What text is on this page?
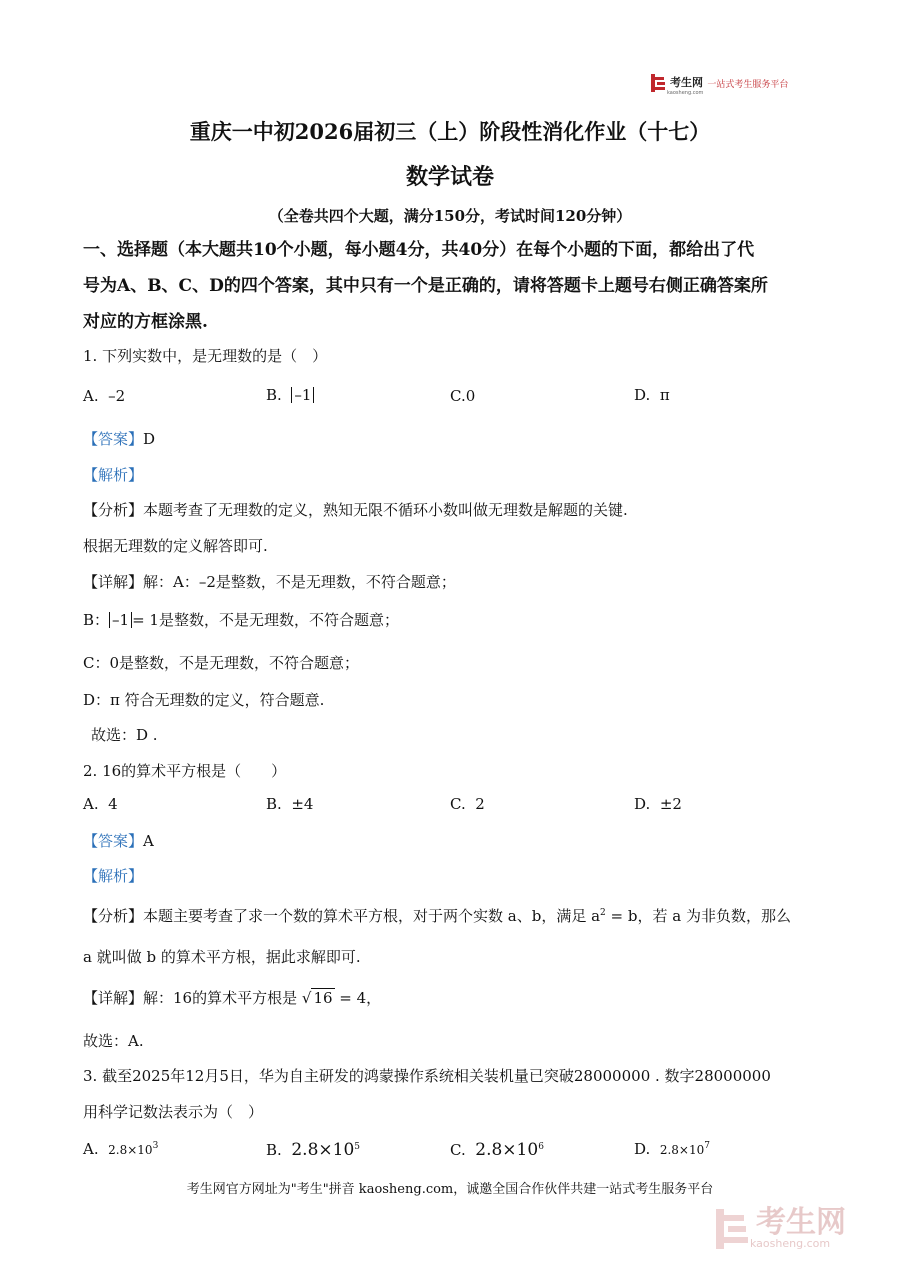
考生网
kaosheng.com
一站式考生服务平台
重庆一中初2026届初三（上）阶段性消化作业（十七）
数学试卷
（全卷共四个大题，满分150分，考试时间120分钟）
一、选择题（本大题共10个小题，每小题4分，共40分）在每个小题的下面，都给出了代
号为A、B、C、D的四个答案，其中只有一个是正确的，请将答题卡上题号右侧正确答案所
对应的方框涂黑.
1. 下列实数中，是无理数的是（　）
A. –2	B. –1	C.0	D. π
【答案】D
【解析】
【分析】本题考查了无理数的定义，熟知无限不循环小数叫做无理数是解题的关键.
根据无理数的定义解答即可.
【详解】解：A：–2是整数，不是无理数，不符合题意；
B： –1 = 1是整数，不是无理数，不符合题意；
C：0是整数，不是无理数，不符合题意；
D：π 符合无理数的定义，符合题意.
故选：D .
2. 16的算术平方根是（　　）
A. 4	B. ±4	C. 2	D. ±2
【答案】A
【解析】
【分析】本题主要考查了求一个数的算术平方根，对于两个实数 a、b，满足 $a^2 = b$，若 a 为非负数，那么
a 就叫做 b 的算术平方根，据此求解即可.
【详解】解：16的算术平方根是 √ 16 = 4，
故选：A.
3. 截至2025年12月5日，华为自主研发的鸿蒙操作系统相关装机量已突破28000000 . 数字28000000
用科学记数法表示为（　）
A. $2.8\times 10^3$	B. $2.8\times 10^5$	C. $2.8\times 10^6$	D. $2.8\times 10^7$
考生网官方网址为"考生"拼音 kaosheng.com，诚邀全国合作伙伴共建一站式考生服务平台
考生网
kaosheng.com
